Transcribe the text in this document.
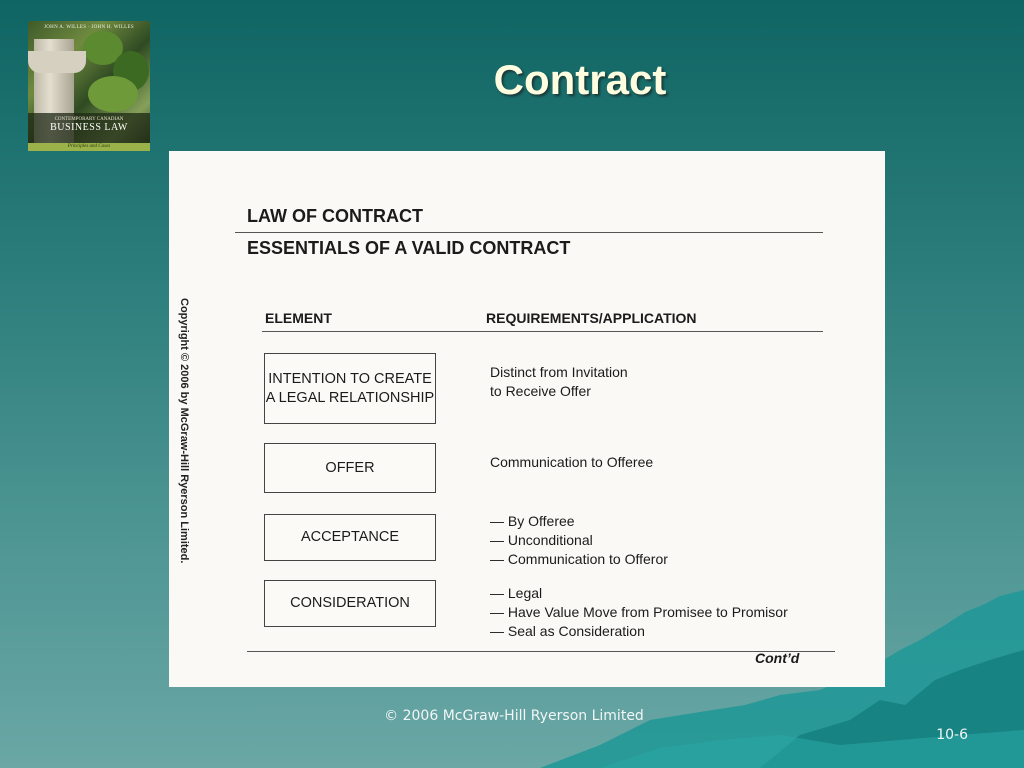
JOHN A. WILLES · JOHN H. WILLES
CONTEMPORARY CANADIAN
BUSINESS LAW
Principles and Cases
Contract
Copyright © 2006 by McGraw-Hill Ryerson Limited.
LAW OF CONTRACT
ESSENTIALS OF A VALID CONTRACT
ELEMENT	REQUIREMENTS/APPLICATION
INTENTION TO CREATE A LEGAL RELATIONSHIP
Distinct from Invitation
to Receive Offer
OFFER	Communication to Offeree
ACCEPTANCE
— By Offeree
— Unconditional
— Communication to Offeror
CONSIDERATION
— Legal
— Have Value Move from Promisee to Promisor
— Seal as Consideration
Cont’d
© 2006 McGraw-Hill Ryerson Limited
10-6
